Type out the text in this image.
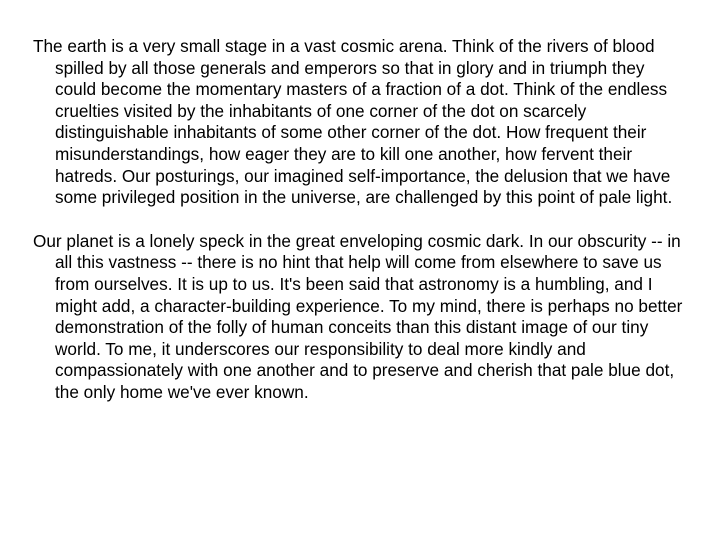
The earth is a very small stage in a vast cosmic arena. Think of the rivers of blood spilled by all those generals and emperors so that in glory and in triumph they could become the momentary masters of a fraction of a dot. Think of the endless cruelties visited by the inhabitants of one corner of the dot on scarcely distinguishable inhabitants of some other corner of the dot. How frequent their misunderstandings, how eager they are to kill one another, how fervent their hatreds. Our posturings, our imagined self-importance, the delusion that we have some privileged position in the universe, are challenged by this point of pale light.

Our planet is a lonely speck in the great enveloping cosmic dark. In our obscurity -- in all this vastness -- there is no hint that help will come from elsewhere to save us from ourselves. It is up to us. It's been said that astronomy is a humbling, and I might add, a character-building experience. To my mind, there is perhaps no better demonstration of the folly of human conceits than this distant image of our tiny world. To me, it underscores our responsibility to deal more kindly and compassionately with one another and to preserve and cherish that pale blue dot, the only home we've ever known.
